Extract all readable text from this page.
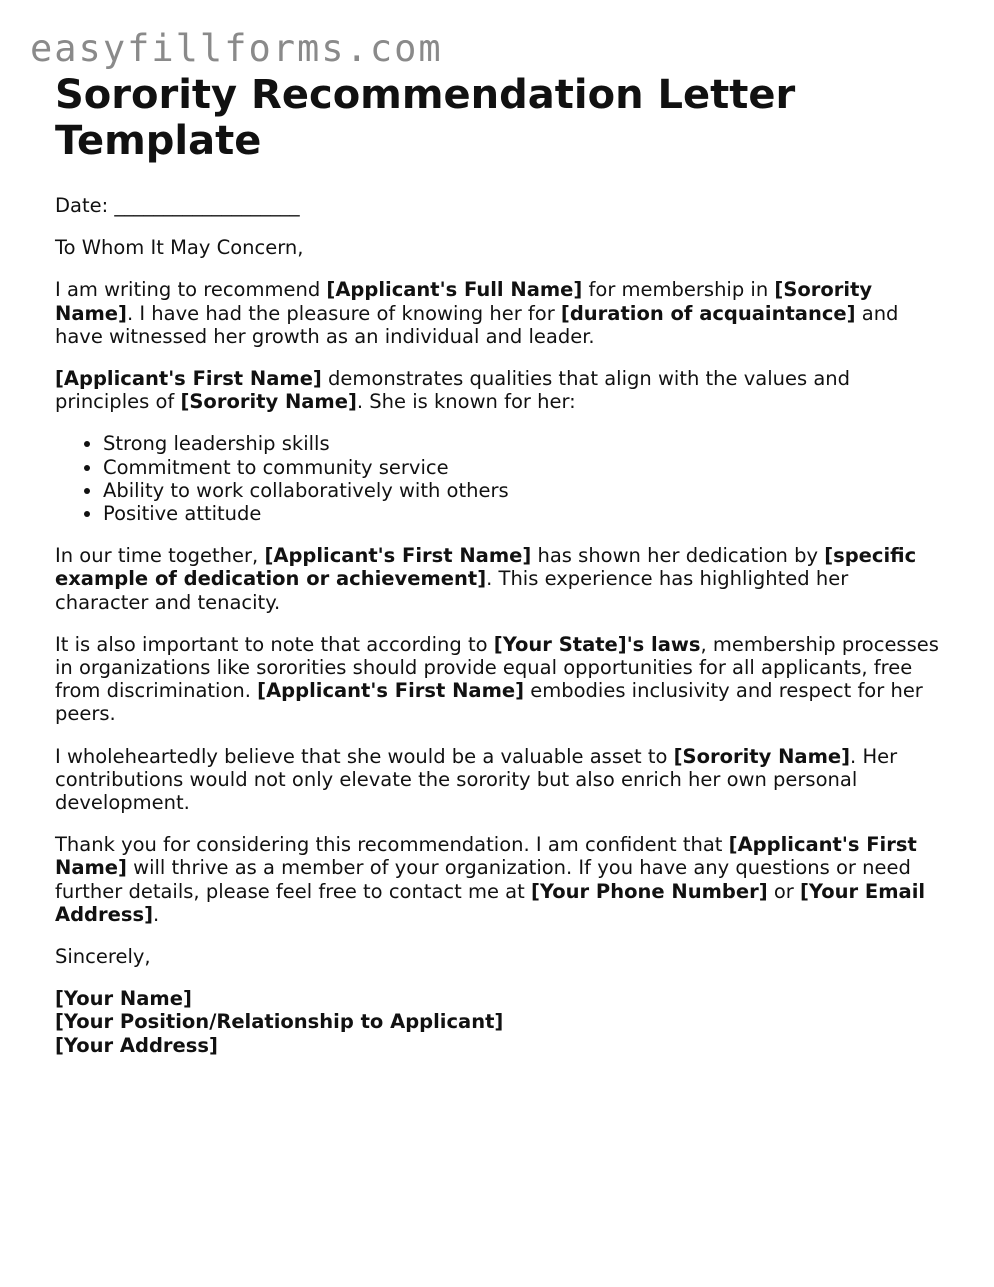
easyfillforms.com
Sorority Recommendation Letter Template

Date: ___________________

To Whom It May Concern,

I am writing to recommend [Applicant's Full Name] for membership in [Sorority Name]. I have had the pleasure of knowing her for [duration of acquaintance] and have witnessed her growth as an individual and leader.

[Applicant's First Name] demonstrates qualities that align with the values and principles of [Sorority Name]. She is known for her:

• Strong leadership skills
• Commitment to community service
• Ability to work collaboratively with others
• Positive attitude

In our time together, [Applicant's First Name] has shown her dedication by [specific example of dedication or achievement]. This experience has highlighted her character and tenacity.

It is also important to note that according to [Your State]'s laws, membership processes in organizations like sororities should provide equal opportunities for all applicants, free from discrimination. [Applicant's First Name] embodies inclusivity and respect for her peers.

I wholeheartedly believe that she would be a valuable asset to [Sorority Name]. Her contributions would not only elevate the sorority but also enrich her own personal development.

Thank you for considering this recommendation. I am confident that [Applicant's First Name] will thrive as a member of your organization. If you have any questions or need further details, please feel free to contact me at [Your Phone Number] or [Your Email Address].

Sincerely,

[Your Name]

[Your Position/Relationship to Applicant]

[Your Address]
